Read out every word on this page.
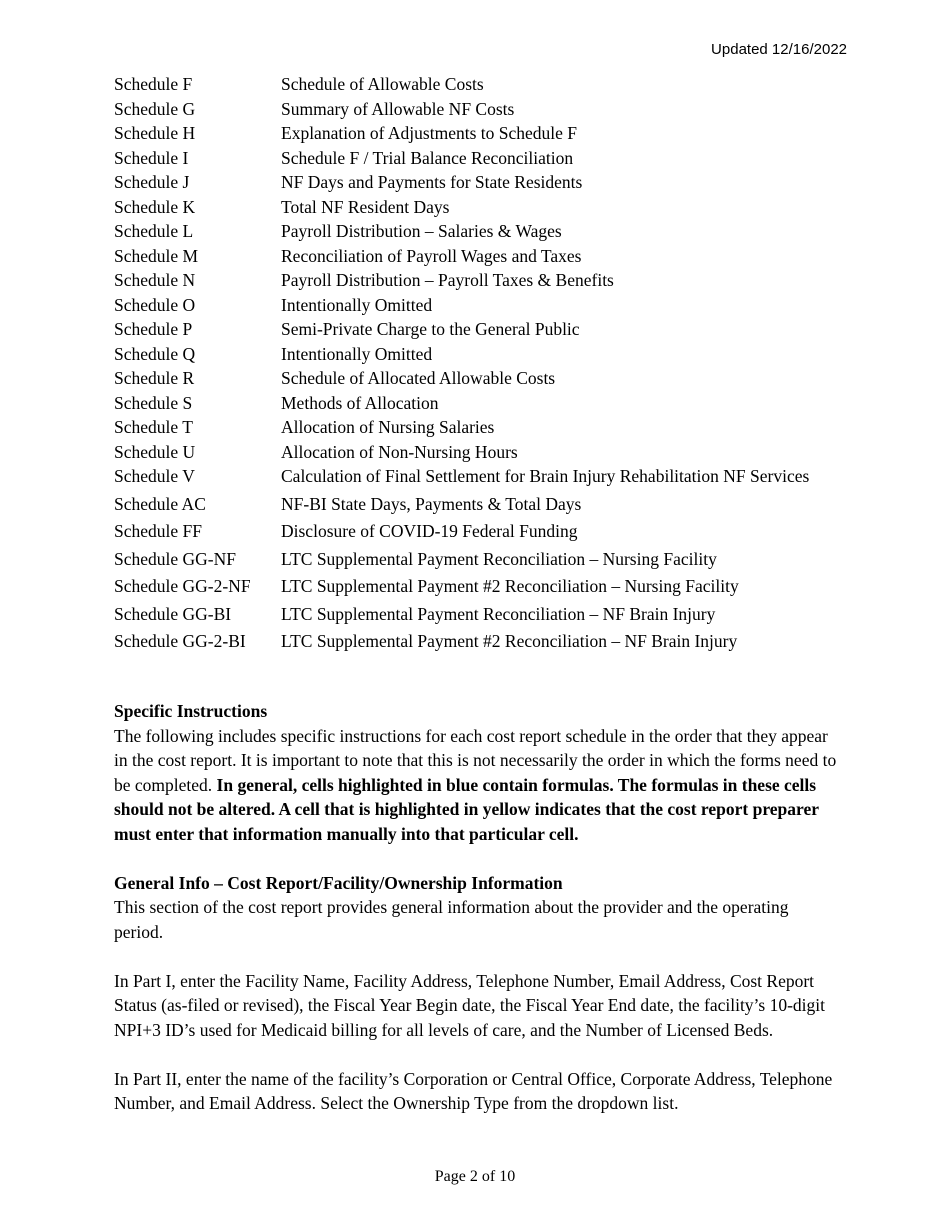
Updated 12/16/2022
Schedule F	Schedule of Allowable Costs
Schedule G	Summary of Allowable NF Costs
Schedule H	Explanation of Adjustments to Schedule F
Schedule I	Schedule F / Trial Balance Reconciliation
Schedule J	NF Days and Payments for State Residents
Schedule K	Total NF Resident Days
Schedule L	Payroll Distribution – Salaries & Wages
Schedule M	Reconciliation of Payroll Wages and Taxes
Schedule N	Payroll Distribution – Payroll Taxes & Benefits
Schedule O	Intentionally Omitted
Schedule P	Semi-Private Charge to the General Public
Schedule Q	Intentionally Omitted
Schedule R	Schedule of Allocated Allowable Costs
Schedule S	Methods of Allocation
Schedule T	Allocation of Nursing Salaries
Schedule U	Allocation of Non-Nursing Hours
Schedule V	Calculation of Final Settlement for Brain Injury Rehabilitation NF Services
Schedule AC	NF-BI State Days, Payments & Total Days
Schedule FF	Disclosure of COVID-19 Federal Funding
Schedule GG-NF	LTC Supplemental Payment Reconciliation – Nursing Facility
Schedule GG-2-NF	LTC Supplemental Payment #2 Reconciliation – Nursing Facility
Schedule GG-BI	LTC Supplemental Payment Reconciliation – NF Brain Injury
Schedule GG-2-BI	LTC Supplemental Payment #2 Reconciliation – NF Brain Injury
Specific Instructions

The following includes specific instructions for each cost report schedule in the order that they appear in the cost report. It is important to note that this is not necessarily the order in which the forms need to be completed. In general, cells highlighted in blue contain formulas. The formulas in these cells should not be altered. A cell that is highlighted in yellow indicates that the cost report preparer must enter that information manually into that particular cell.

General Info – Cost Report/Facility/Ownership Information

This section of the cost report provides general information about the provider and the operating period.

In Part I, enter the Facility Name, Facility Address, Telephone Number, Email Address, Cost Report Status (as-filed or revised), the Fiscal Year Begin date, the Fiscal Year End date, the facility’s 10-digit NPI+3 ID’s used for Medicaid billing for all levels of care, and the Number of Licensed Beds.

In Part II, enter the name of the facility’s Corporation or Central Office, Corporate Address, Telephone Number, and Email Address. Select the Ownership Type from the dropdown list.

Page 2 of 10
